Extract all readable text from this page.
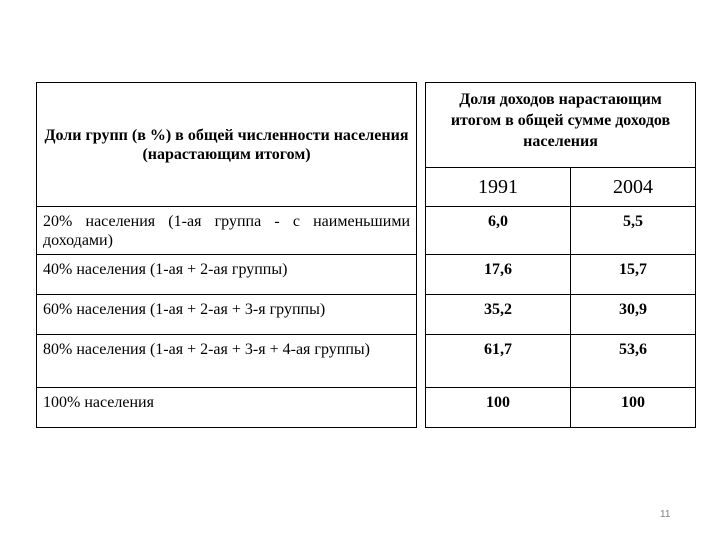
Доли групп (в %) в общей численности населения (нарастающим итогом)		Доля доходов нарастающим итогом в общей сумме доходов населения	
		1991	2004
20% населения (1-ая группа - с наименьшими доходами)		6,0	5,5
40% населения (1-ая + 2-ая группы)		17,6	15,7
60% населения (1-ая + 2-ая + 3-я группы)		35,2	30,9
80% населения (1-ая + 2-ая + 3-я + 4-ая группы)		61,7	53,6
100% населения		100	100
11
